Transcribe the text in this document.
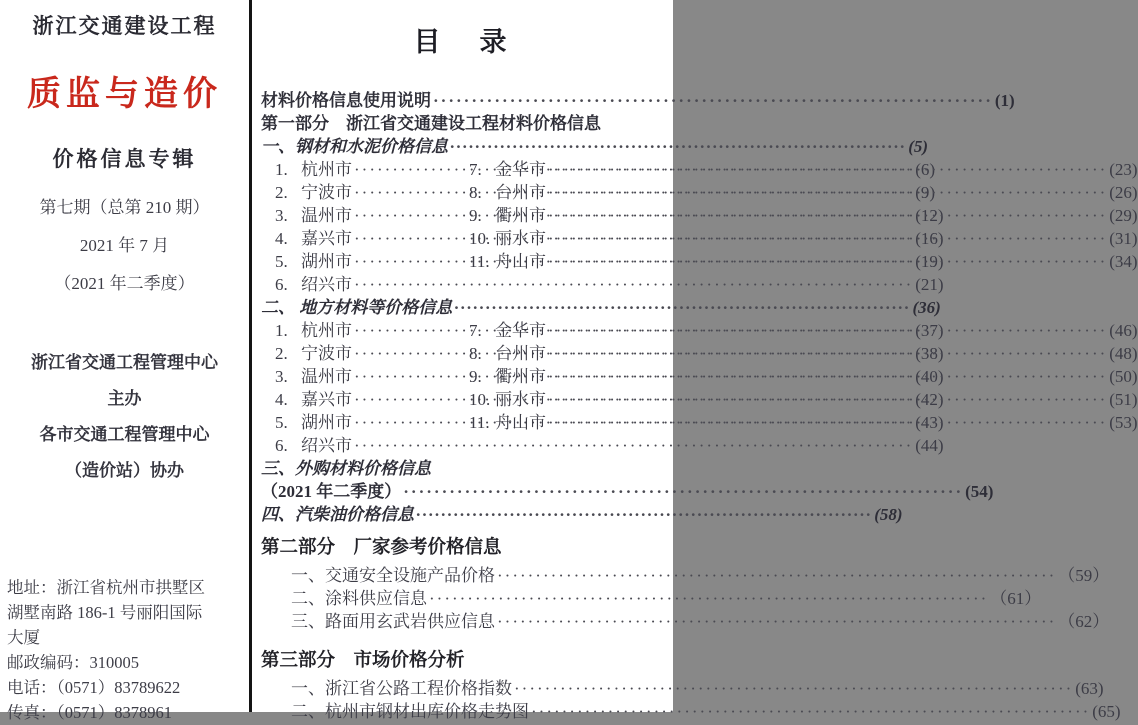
浙江交通建设工程
质监与造价
价格信息专辑
第七期（总第 210 期）
2021 年 7 月
（2021 年二季度）
浙江省交通工程管理中心
主办
各市交通工程管理中心
（造价站）协办
地址：浙江省杭州市拱墅区
湖墅南路 186-1 号丽阳国际
大厦
邮政编码：310005
电话：（0571）83789622
传真：（0571）8378961
目　录
材料价格信息使用说明 ·····	(1)
第一部分　浙江省交通建设工程材料价格信息
一、钢材和水泥价格信息 ·····	(5)
1. 杭州市 ·····	(6)
7. 金华市 ·····	(23)
2. 宁波市 ·····	(9)
8. 台州市 ·····	(26)
3. 温州市 ·····	(12)
9. 衢州市 ·····	(29)
4. 嘉兴市 ·····	(16)
10. 丽水市 ·····	(31)
5. 湖州市 ·····	(19)
11. 舟山市 ·····	(34)
6. 绍兴市 ·····	(21)
二、 地方材料等价格信息 ·····	(36)
1. 杭州市 ·····	(37)
7. 金华市 ·····	(46)
2. 宁波市 ·····	(38)
8. 台州市 ·····	(48)
3. 温州市 ·····	(40)
9. 衢州市 ·····	(50)
4. 嘉兴市 ·····	(42)
10. 丽水市 ·····	(51)
5. 湖州市 ·····	(43)
11. 舟山市 ·····	(53)
6. 绍兴市 ·····	(44)
三、外购材料价格信息
（2021 年二季度） ·····	(54)
四、汽柴油价格信息 ·····	(58)
第二部分　厂家参考价格信息
一、交通安全设施产品价格 ·····	（59）
二、涂料供应信息 ·····	（61）
三、路面用玄武岩供应信息 ·····	（62）
第三部分　市场价格分析
一、浙江省公路工程价格指数 ·····	(63)
二、杭州市钢材出库价格走势图 ·····	(65)
